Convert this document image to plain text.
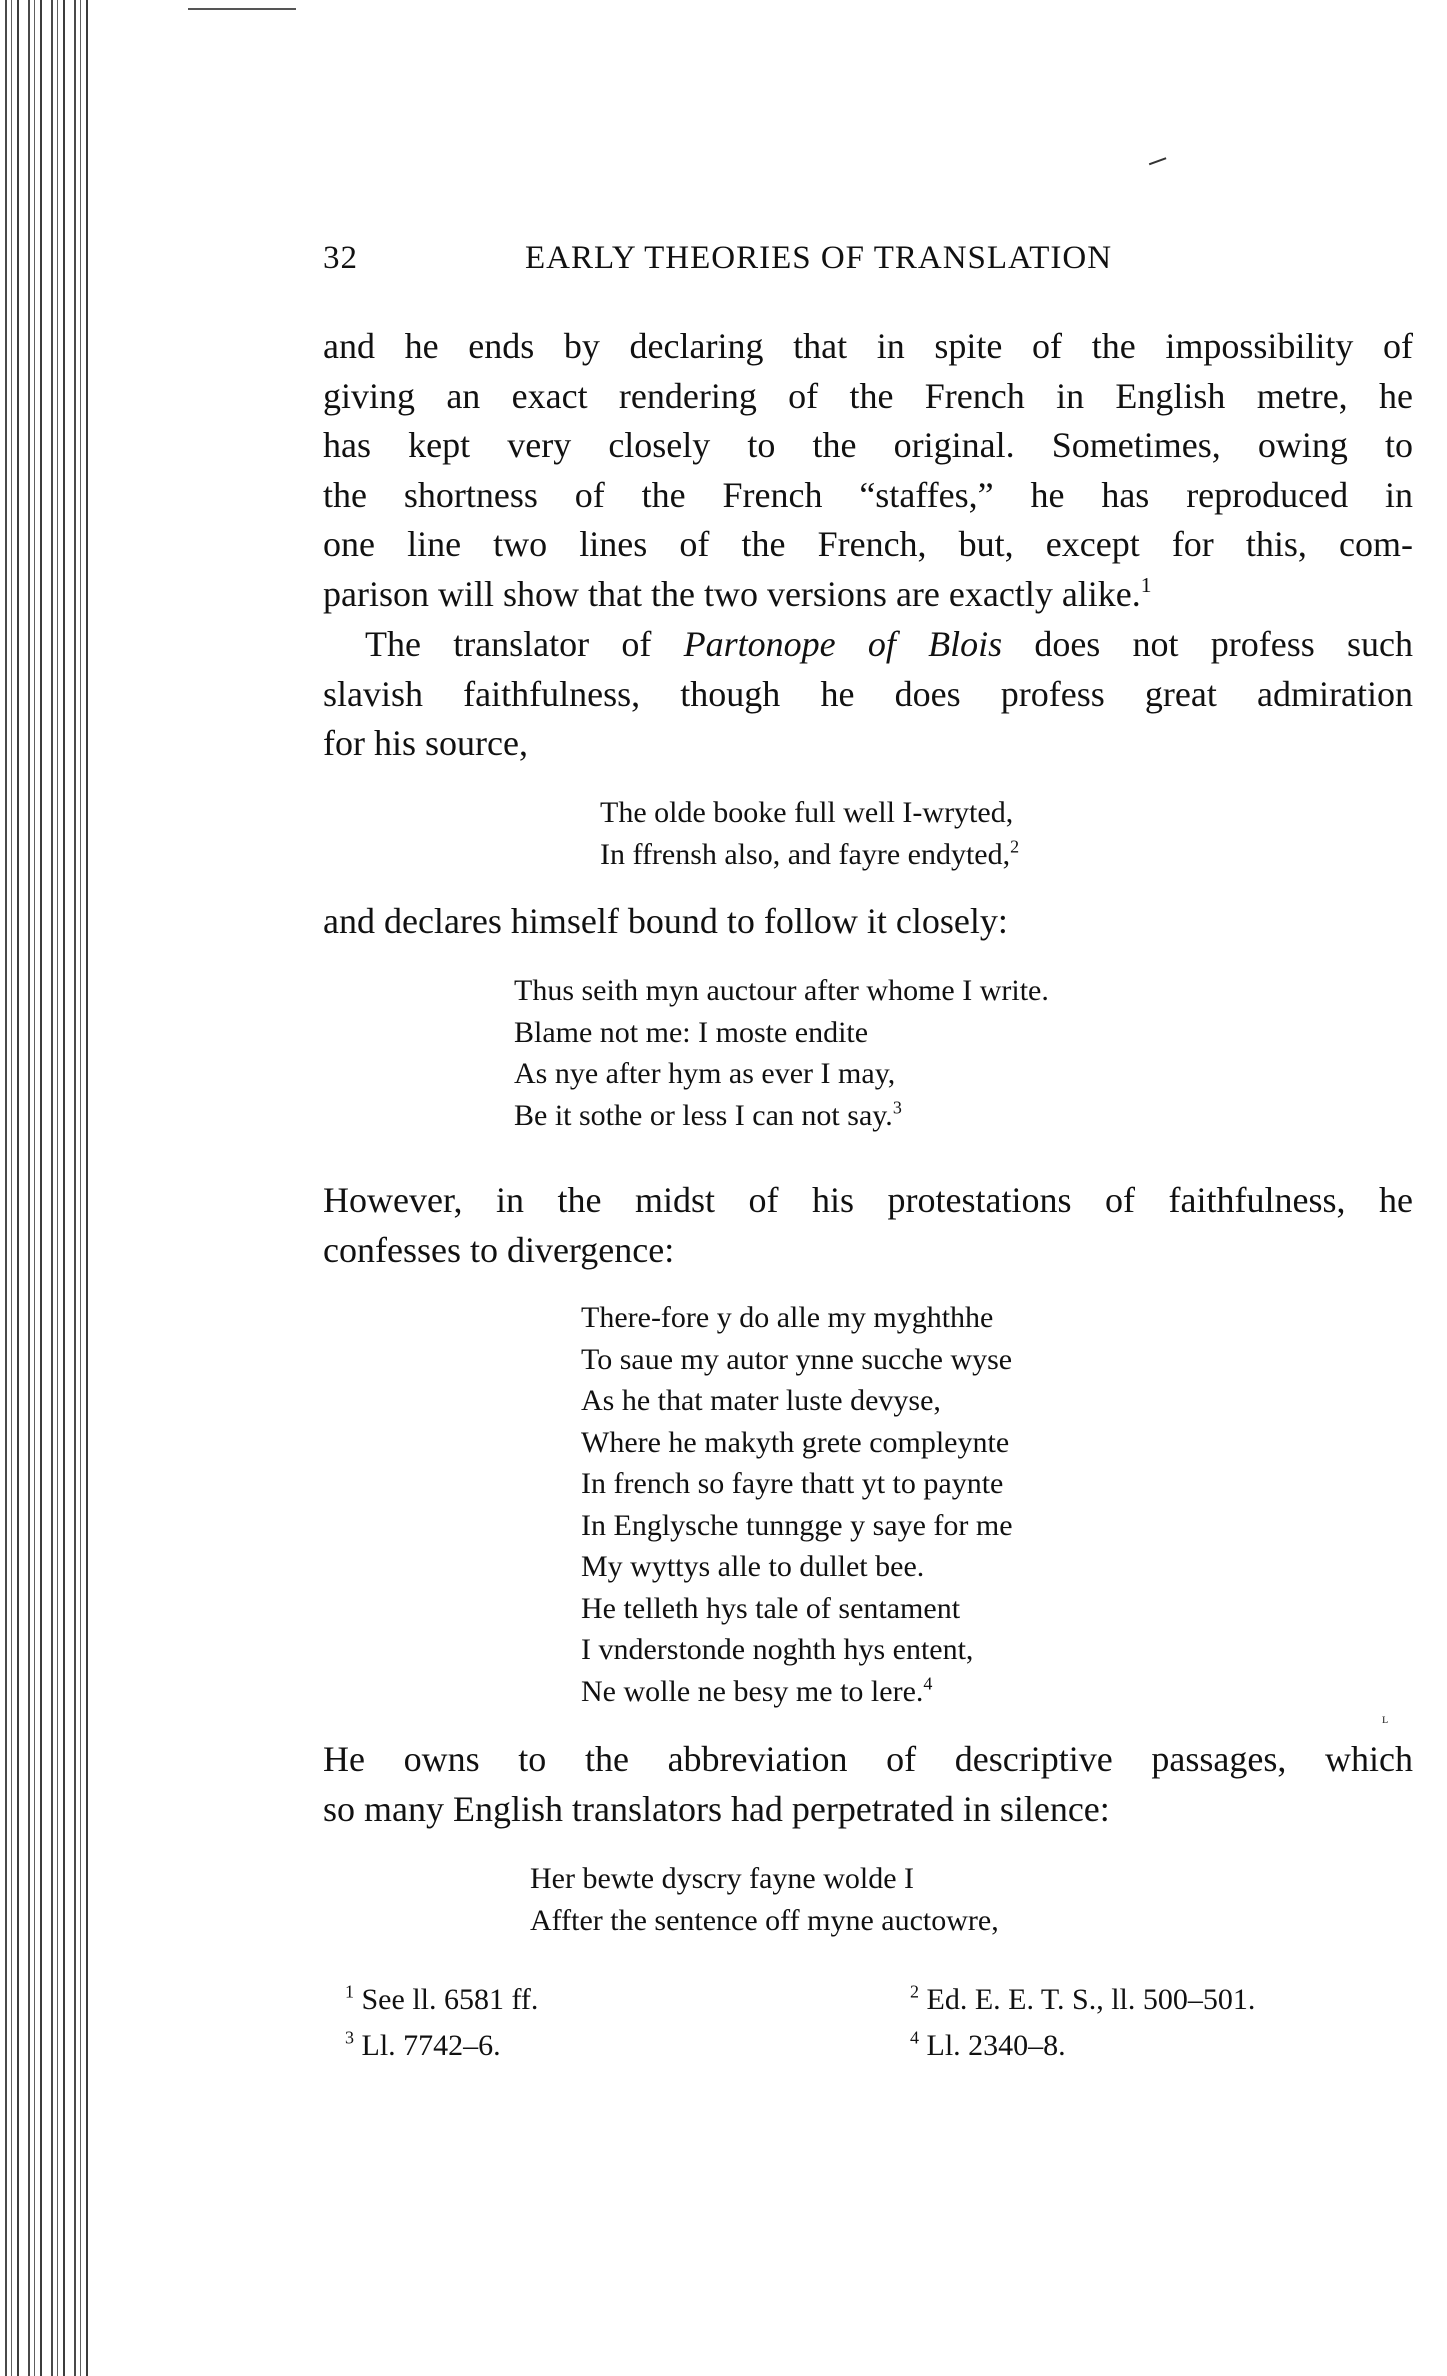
32	EARLY THEORIES OF TRANSLATION

and he ends by declaring that in spite of the impossibility of
giving an exact rendering of the French in English metre, he
has kept very closely to the original. Sometimes, owing to
the shortness of the French “staffes,” he has reproduced in
one line two lines of the French, but, except for this, com-
parison will show that the two versions are exactly alike.$^1$

The translator of Partonope of Blois does not profess such
slavish faithfulness, though he does profess great admiration
for his source,

The olde booke full well I-wryted,
In ffrensh also, and fayre endyted,$^2$

and declares himself bound to follow it closely:

Thus seith myn auctour after whome I write.
Blame not me: I moste endite
As nye after hym as ever I may,
Be it sothe or less I can not say.$^3$

However, in the midst of his protestations of faithfulness, he
confesses to divergence:

There-fore y do alle my myghthhe
To saue my autor ynne sucche wyse
As he that mater luste devyse,
Where he makyth grete compleynte
In french so fayre thatt yt to paynte
In Englysche tunngge y saye for me
My wyttys alle to dullet bee.
He telleth hys tale of sentament
I vnderstonde noghth hys entent,
Ne wolle ne besy me to lere.$^4$
ʟ

He owns to the abbreviation of descriptive passages, which
so many English translators had perpetrated in silence:

Her bewte dyscry fayne wolde I
Affter the sentence off myne auctowre,
$^1$ See ll. 6581 ff.	$^2$ Ed. E. E. T. S., ll. 500–501.
$^3$ Ll. 7742–6.	$^4$ Ll. 2340–8.
